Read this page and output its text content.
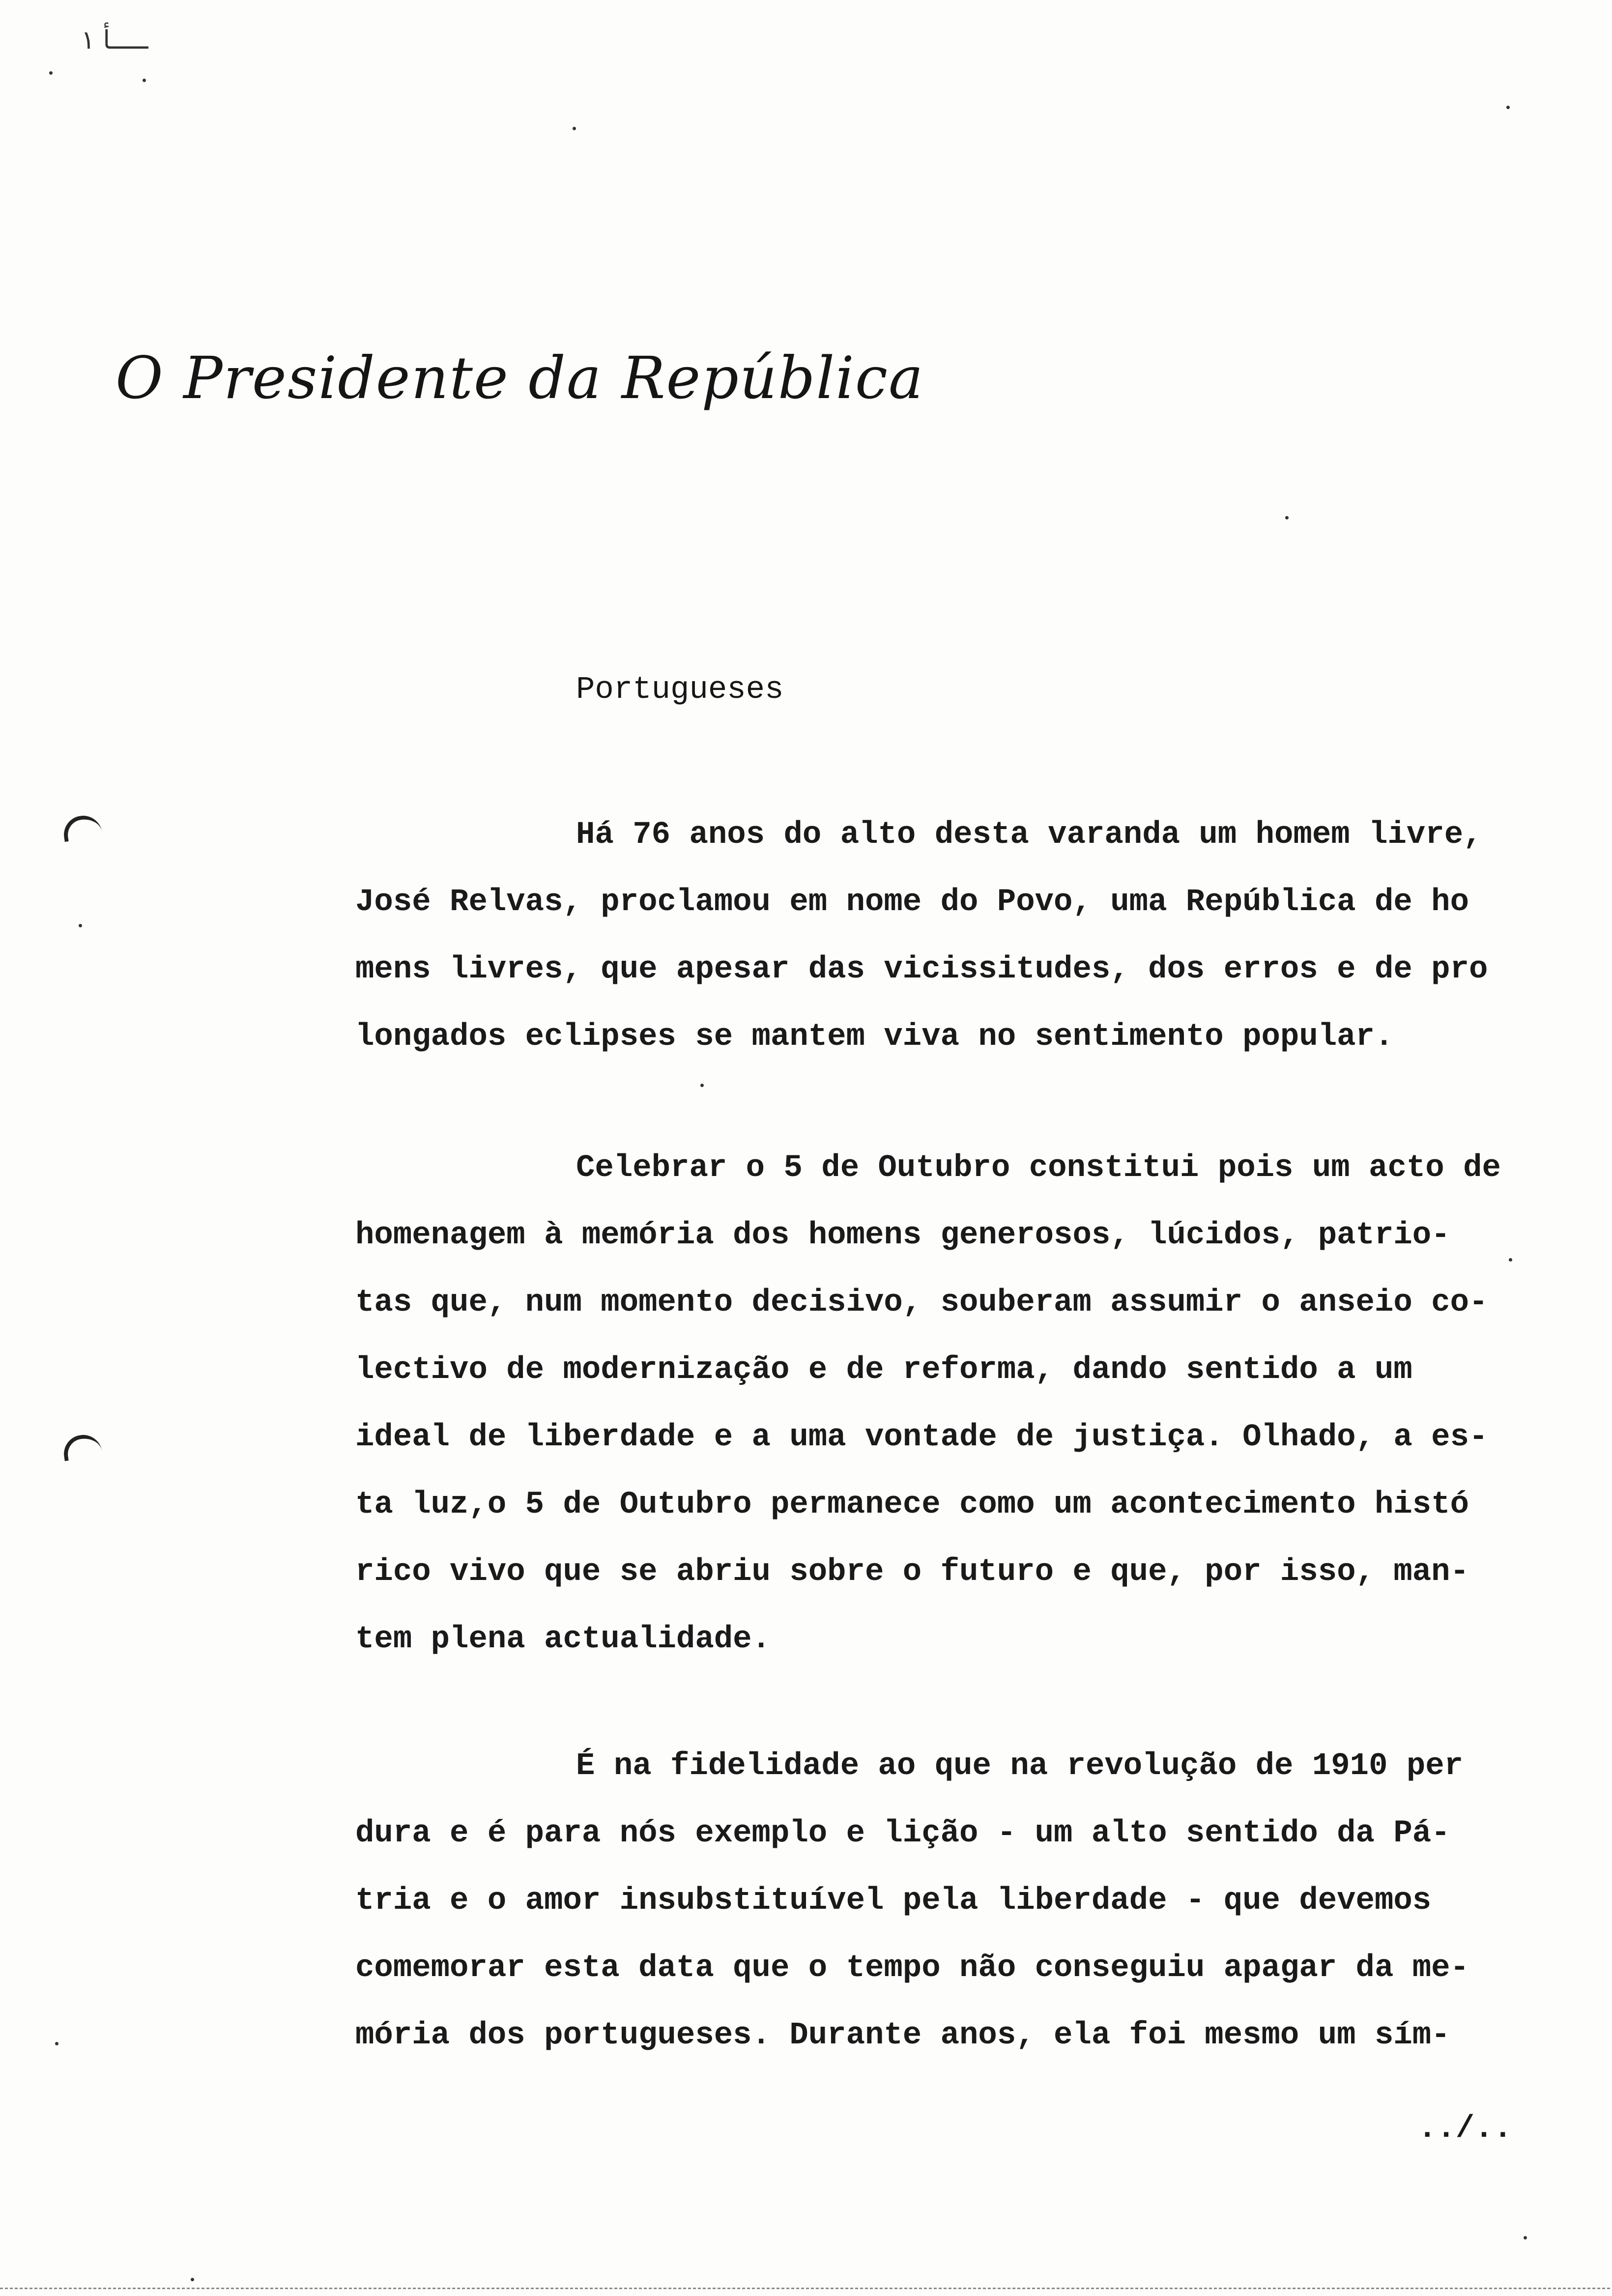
ـــــأ ١
O Presidente da República
Portugueses
Há 76 anos do alto desta varanda um homem livre,
José Relvas, proclamou em nome do Povo, uma República de ho
mens livres, que apesar das vicissitudes, dos erros e de pro
longados eclipses se mantem viva no sentimento popular.
Celebrar o 5 de Outubro constitui pois um acto de
homenagem à memória dos homens generosos, lúcidos, patrio-
tas que, num momento decisivo, souberam assumir o anseio co-
lectivo de modernização e de reforma, dando sentido a um
ideal de liberdade e a uma vontade de justiça. Olhado, a es-
ta luz,o 5 de Outubro permanece como um acontecimento histó
rico vivo que se abriu sobre o futuro e que, por isso, man-
tem plena actualidade.
É na fidelidade ao que na revolução de 1910 per
dura e é para nós exemplo e lição - um alto sentido da Pá-
tria e o amor insubstituível pela liberdade - que devemos
comemorar esta data que o tempo não conseguiu apagar da me-
mória dos portugueses. Durante anos, ela foi mesmo um sím-
../..
